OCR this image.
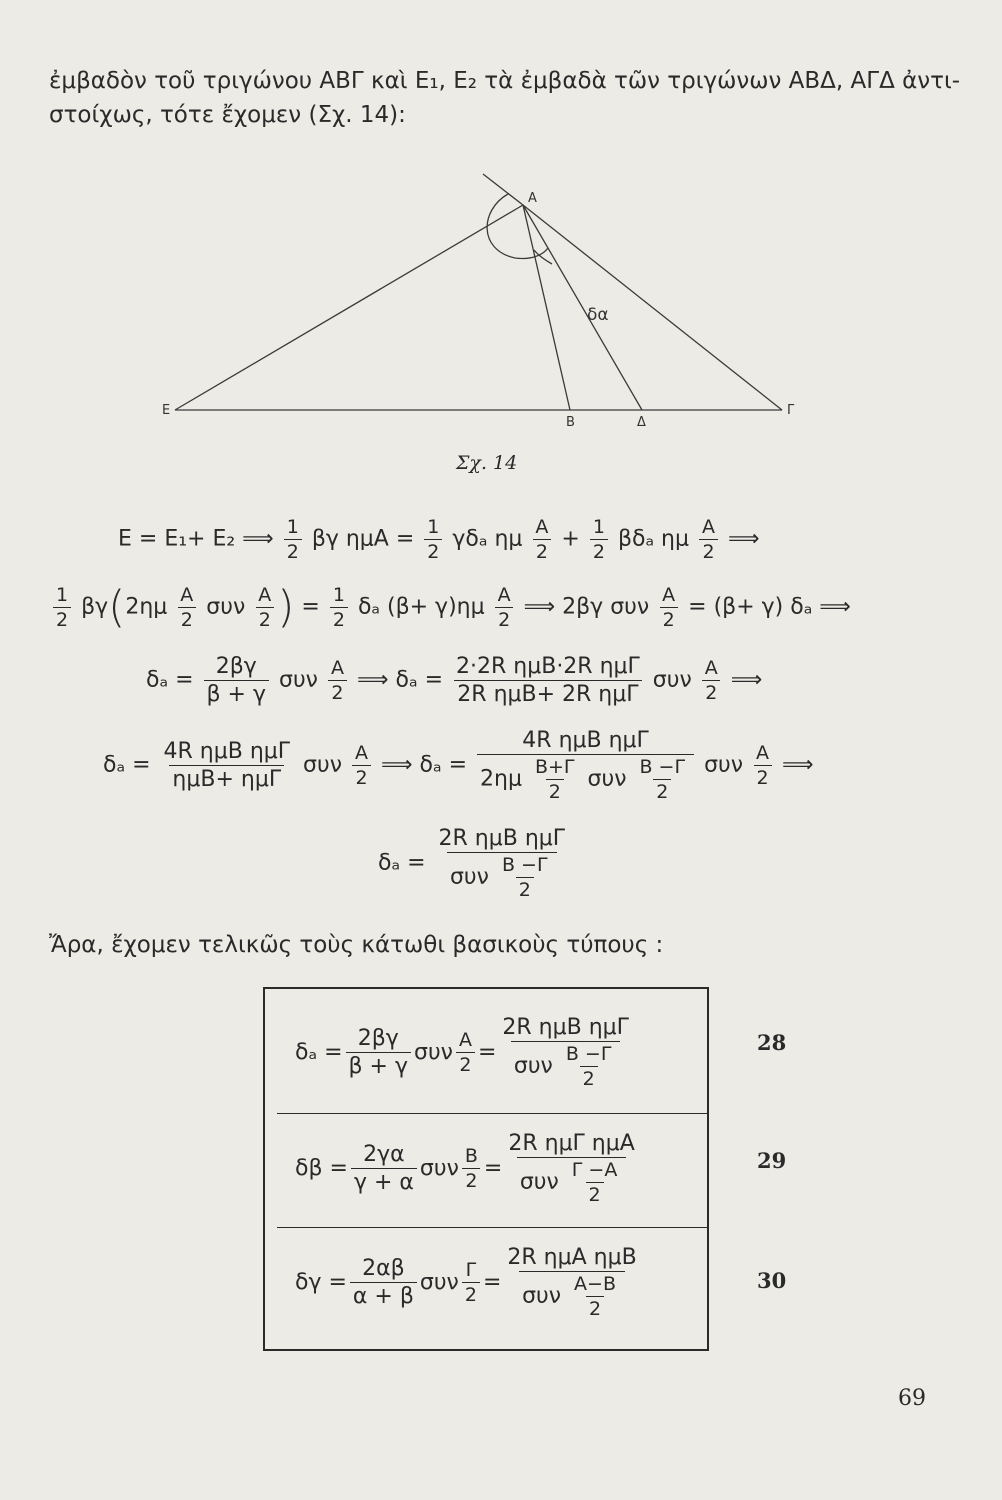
ἐμβαδὸν τοῦ τριγώνου ΑΒΓ καὶ Ε₁, Ε₂ τὰ ἐμβαδὰ τῶν τριγώνων ΑΒΔ, ΑΓΔ ἀντι-
στοίχως, τότε ἔχομεν (Σχ. 14):
Α
Ε
Β	Δ
Γ
δα
Σχ. 14
E = E₁+ E₂ ⟹ $\frac{1}{2}$ βγ $\eta\mu A = \frac{1}{2}$ γδₐ ημ $\frac{A}{2} + \frac{1}{2}$ βδₐ ημ $\frac{A}{2}$ ⟹
$\frac{1}{2} \beta\gamma(2\eta\mu \frac{A}{2}$ συν $\frac{A}{2}$ ) = $\frac{1}{2}$ δₐ $(\beta+ \gamma)\eta\mu \frac{A}{2}$ ⟹ 2βγ συν $\frac{A}{2} = (\beta+ \gamma)$ δₐ ⟹
$\delta_a = \frac{2\beta\gamma}{\beta + \gamma}$ συν $\frac{A}{2}$ ⟹ $\delta_a = \frac{\text{2·2R ημB·2R ημΓ}}{\text{2R ημB+ 2R ημΓ}}$ συν $\frac{A}{2}$ ⟹
$\delta_a = \frac{\text{4R ημB ημΓ}}{\text{ημB+ ημΓ}}$ συν $\frac{A}{2}$ ⟹ $\delta_a = \frac{\text{4R ημB ημΓ}}{2\eta\mu \frac{B+\Gamma}{2} \sigma\upsilon\nu \frac{B -\Gamma}{2}}$ συν $\frac{A}{2}$ ⟹
$\delta_a = \frac{\text{2R ημB ημΓ}}{\sigma\upsilon\nu \frac{B -\Gamma}{2}}$
Ἄρα, ἔχομεν τελικῶς τοὺς κάτωθι βασικοὺς τύπους :
$\delta_a = \frac{2\beta\gamma}{\beta + \gamma}$ συν $\frac{A}{2} = \frac{\text{2R ημB ημΓ}}{\sigma\upsilon\nu \frac{B -\Gamma}{2}}$
$\delta\beta = \frac{2\gamma\alpha}{\gamma + \alpha}$ συν $\frac{B}{2} = \frac{\text{2R ημΓ ημA}}{\sigma\upsilon\nu \frac{\Gamma -A}{2}}$
$\delta\gamma = \frac{2\alpha\beta}{\alpha + \beta}$ συν $\frac{\Gamma}{2} = \frac{\text{2R ημA ημB}}{\sigma\upsilon\nu \frac{A-B}{2}}$
28
29
30
69
